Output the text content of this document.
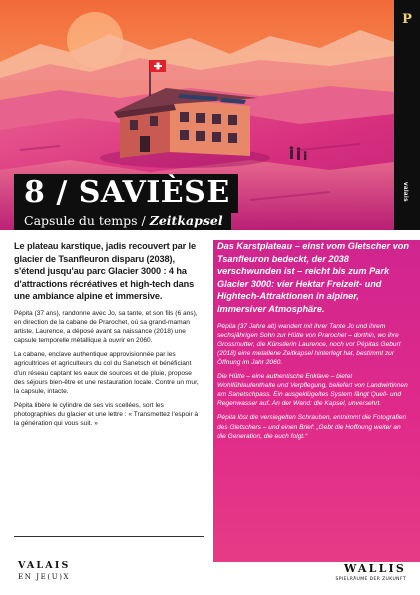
P
valais
8 / SAVIÈSE
Capsule du temps / Zeitkapsel

Le plateau karstique, jadis recouvert par le glacier de Tsanfleuron disparu (2038), s'étend jusqu'au parc Glacier 3000 : 4 ha d'attractions récréatives et high-tech dans une ambiance alpine et immersive.

Pépita (37 ans), randonne avec Jo, sa tante, et son fils (6 ans), en direction de la cabane de Prarochet, où sa grand-maman artiste, Laurence, a déposé avant sa naissance (2018) une capsule temporelle métallique à ouvrir en 2060.

La cabane, enclave authentique approvisionnée par les agricultrices et agriculteurs du col du Sanetsch et bénéficiant d'un réseau captant les eaux de sources et de pluie, propose des séjours bien-être et une restauration locale. Contre un mur, la capsule, intacte.

Pépita libère le cylindre de ses vis scellées, sort les photographies du glacier et une lettre : « Transmettez l'espoir à la génération qui vous suit. »

Das Karstplateau – einst vom Gletscher von Tsanfleuron bedeckt, der 2038 verschwunden ist – reicht bis zum Park Glacier 3000: vier Hektar Freizeit- und Hightech-Attraktionen in alpiner, immersiver Atmosphäre.

Pépita (37 Jahre alt) wandert mit ihrer Tante Jo und ihrem sechsjährigen Sohn zur Hütte von Prarochet – dorthin, wo ihre Grossmutter, die Künstlerin Laurence, noch vor Pépitas Geburt (2018) eine metallene Zeitkapsel hinterlegt hat, bestimmt zur Öffnung im Jahr 2060.

Die Hütte – eine authentische Enklave – bietet Wohlfühlaufenthalte und Verpflegung, beliefert von Landwirtinnen am Sanetschpass. Ein ausgeklügeltes System fängt Quell- und Regenwasser auf. An der Wand: die Kapsel, unversehrt.

Pépita löst die versiegelten Schrauben, entnimmt die Fotografien des Gletschers – und einen Brief: „Gebt die Hoffnung weiter an die Generation, die euch folgt.“

VALAIS
EN JE(U)X
WALLIS
SPIELRÄUME DER ZUKUNFT
